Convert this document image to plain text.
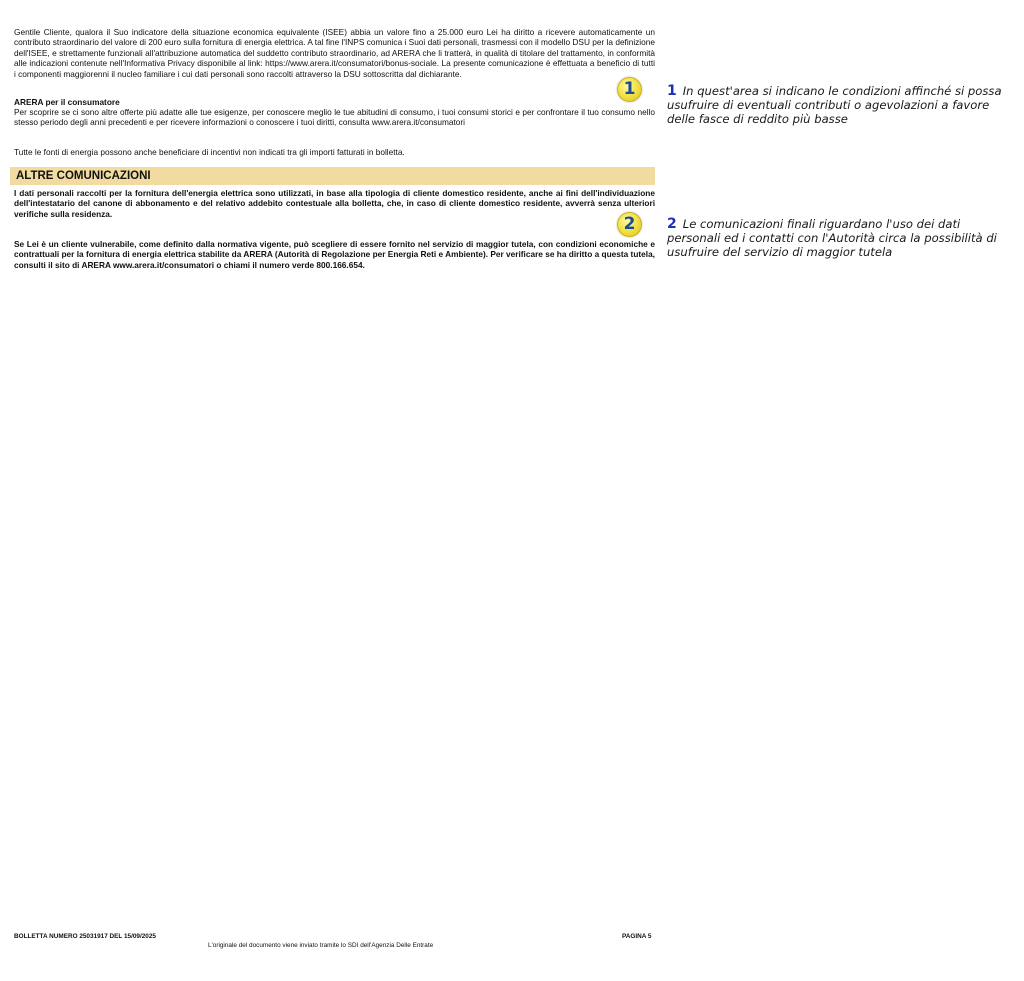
Gentile Cliente, qualora il Suo indicatore della situazione economica equivalente (ISEE) abbia un valore fino a 25.000 euro Lei ha diritto a ricevere automaticamente un contributo straordinario del valore di 200 euro sulla fornitura di energia elettrica. A tal fine l'INPS comunica i Suoi dati personali, trasmessi con il modello DSU per la definizione dell'ISEE, e strettamente funzionali all'attribuzione automatica del suddetto contributo straordinario, ad ARERA che li tratterà, in qualità di titolare del trattamento, in conformità alle indicazioni contenute nell'Informativa Privacy disponibile al link: https://www.arera.it/consumatori/bonus-sociale. La presente comunicazione è effettuata a beneficio di tutti i componenti maggiorenni il nucleo familiare i cui dati personali sono raccolti attraverso la DSU sottoscritta dal dichiarante.

ARERA per il consumatore

Per scoprire se ci sono altre offerte più adatte alle tue esigenze, per conoscere meglio le tue abitudini di consumo, i tuoi consumi storici e per confrontare il tuo consumo nello stesso periodo degli anni precedenti e per ricevere informazioni o conoscere i tuoi diritti, consulta www.arera.it/consumatori

Tutte le fonti di energia possono anche beneficiare di incentivi non indicati tra gli importi fatturati in bolletta.

ALTRE COMUNICAZIONI

I dati personali raccolti per la fornitura dell'energia elettrica sono utilizzati, in base alla tipologia di cliente domestico residente, anche ai fini dell'individuazione dell'intestatario del canone di abbonamento e del relativo addebito contestuale alla bolletta, che, in caso di cliente domestico residente, avverrà senza ulteriori verifiche sulla residenza.

Se Lei è un cliente vulnerabile, come definito dalla normativa vigente, può scegliere di essere fornito nel servizio di maggior tutela, con condizioni economiche e contrattuali per la fornitura di energia elettrica stabilite da ARERA (Autorità di Regolazione per Energia Reti e Ambiente). Per verificare se ha diritto a questa tutela, consulti il sito di ARERA www.arera.it/consumatori o chiami il numero verde 800.166.654.

1
2

BOLLETTA NUMERO 25031917 DEL 15/09/2025	PAGINA 5

L'originale del documento viene inviato tramite lo SDI dell'Agenzia Delle Entrate

1 In quest'area si indicano le condizioni affinché si possa usufruire di eventuali contributi o agevolazioni a favore delle fasce di reddito più basse

2 Le comunicazioni finali riguardano l'uso dei dati personali ed i contatti con l'Autorità circa la possibilità di usufruire del servizio di maggior tutela
